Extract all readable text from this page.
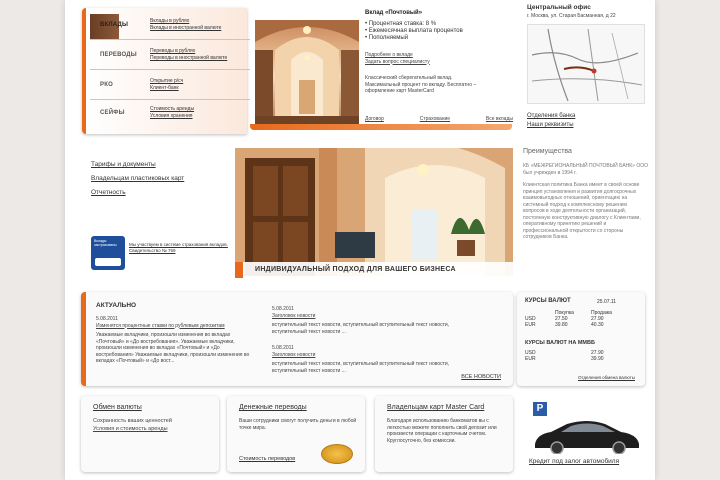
ВКЛАДЫ
Вклады в рублях
Вклады в иностранной валюте
ПЕРЕВОДЫ
Переводы в рублях
Переводы в иностранной валюте
РКО
Открытие р/сч
Клиент-банк
СЕЙФЫ
Стоимость аренды
Условия хранения
Вклад «Почтовый»
• Процентная ставка: 8 %
• Ежемесячная выплата процентов
• Пополняемый
Подробнее о вкладе
Задать вопрос специалисту
Классический сберегательный вклад. Максимальный процент по вкладу. Бесплатно – оформление карт MasterCard
Договор	Страхование	Все вклады
Центральный офис
г. Москва, ул. Старая Басманная, д 22
Отделения банка
Наши реквизиты
Тарифы и документы
Владельцам пластиковых карт
Отчетность
Вклады застрахованы	Мы участвуем в системе страхования вкладов. Свидетельство № 769
ИНДИВИДУАЛЬНЫЙ ПОДХОД ДЛЯ ВАШЕГО БИЗНЕСА
Преимущества
КБ «МЕЖРЕГИОНАЛЬНЫЙ ПОЧТОВЫЙ БАНК» ООО был учрежден в 1994 г.
Клиентская политика Банка имеет в своей основе принцип установления и развития долгосрочных взаимовыгодных отношений, ориентацию на системный подход к комплексному решению вопросов в ходе деятельности организаций, постоянную конструктивную диалогу с Клиентами, оперативному принятию решений и профессиональной открытости со стороны сотрудников Банка.
АКТУАЛЬНО
5.08.2011
Изменятся процентные ставки по рублевым депозитам
Уважаемые вкладчики, произошли изменения во вкладах «Почтовый» и «До востребования». Уважаемые вкладчики, произошли изменения во вкладах «Почтовый» и «До востребования» Уважаемые вкладчики, произошли изменения во вкладах «Почтовый» и «До вост...
5.08.2011
Заголовок новости
вступительный текст новости, вступительный вступительный текст новости, вступительный текст новости ...
5.08.2011
Заголовок новости
вступительный текст новости, вступительный вступительный текст новости, вступительный текст новости ...
ВСЕ НОВОСТИ
КУРСЫ ВАЛЮТ	25.07.11
	Покупка	Продажа
USD	27.50	27.90
EUR	39.80	40.30
КУРСЫ ВАЛЮТ НА ММВБ
USD	27.90
EUR	39.90
Отделения обмена валюты
Обмен валюты
Сохранность ваших ценностей
Условия и стоимость аренды
Денежные переводы
Ваши сотрудники смогут получить деньги в любой точке мира.
Стоимость переводов
Владельцам карт Master Card
Благодаря использованию банкоматов вы с легкостью можете пополнить свой депозит или произвести операции с карточным счетом. Круглосуточно, без комиссии.
P
Кредит под залог автомобиля
